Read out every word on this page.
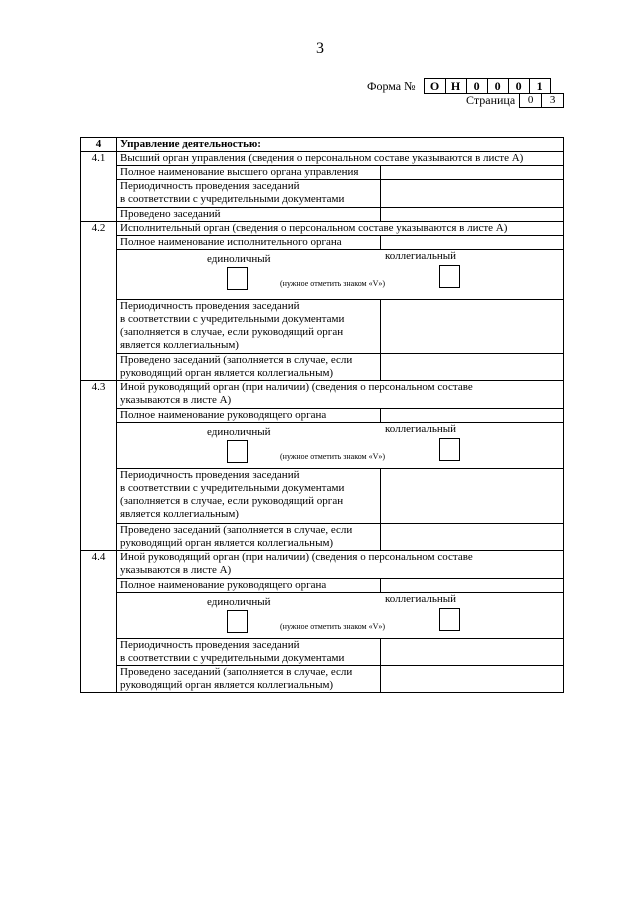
3
Форма №	О Н	0	0	0	1
Страница	0	3
4	Управление деятельностью:
4.1	Высший орган управления (сведения о персональном составе указываются в листе А)
Полное наименование высшего органа управления	

Периодичность проведения заседаний
в соответствии с учредительными документами

Проведено заседаний	

4.2	Исполнительный орган (сведения о персональном составе указываются в листе А)
Полное наименование исполнительного органа	

единоличный	коллегиальный
(нужное отметить знаком «V»)

Периодичность проведения заседаний
в соответствии с учредительными документами
(заполняется в случае, если руководящий орган
является коллегиальным)

Проведено заседаний (заполняется в случае, если
руководящий орган является коллегиальным)

4.3	Иной руководящий орган (при наличии) (сведения о персональном составе
указываются в листе А)

Полное наименование руководящего органа	

единоличный	коллегиальный
(нужное отметить знаком «V»)

Периодичность проведения заседаний
в соответствии с учредительными документами
(заполняется в случае, если руководящий орган
является коллегиальным)

Проведено заседаний (заполняется в случае, если
руководящий орган является коллегиальным)

4.4	Иной руководящий орган (при наличии) (сведения о персональном составе
указываются в листе А)

Полное наименование руководящего органа	

единоличный	коллегиальный
(нужное отметить знаком «V»)

Периодичность проведения заседаний
в соответствии с учредительными документами

Проведено заседаний (заполняется в случае, если
руководящий орган является коллегиальным)
